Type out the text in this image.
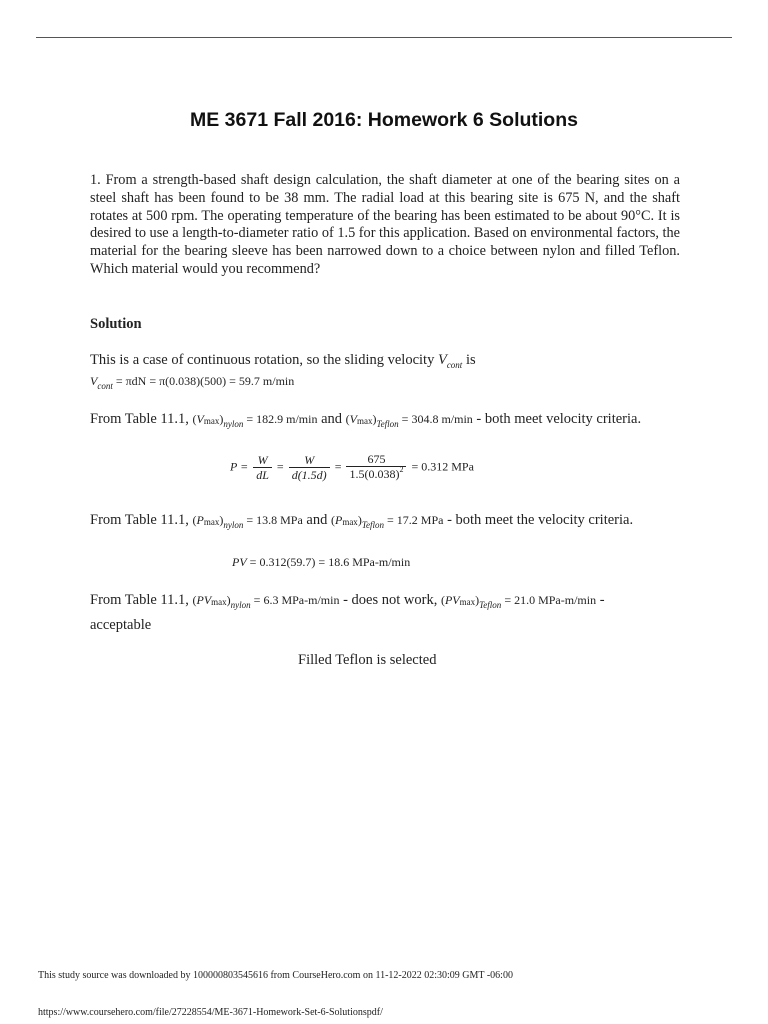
ME 3671 Fall 2016: Homework 6 Solutions

1. From a strength-based shaft design calculation, the shaft diameter at one of the bearing sites on a steel shaft has been found to be 38 mm. The radial load at this bearing site is 675 N, and the shaft rotates at 500 rpm. The operating temperature of the bearing has been estimated to be about 90°C. It is desired to use a length-to-diameter ratio of 1.5 for this application. Based on environmental factors, the material for the bearing sleeve has been narrowed down to a choice between nylon and filled Teflon. Which material would you recommend?

Solution

This is a case of continuous rotation, so the sliding velocity $V_{cont}$ is
$V_{cont} = \pi dN = \pi(0.038)(500) = 59.7$ m/min
From Table 11.1, $(Vmax)_{nylon} = 182.9$ m/min and $(Vmax)_{Teflon} = 304.8$ m/min - both meet velocity criteria.
$P = \frac{W}{dL} = \frac{W}{d(1.5d)} = \frac{675}{1.5(0.038)^2} = 0.312$ MPa
From Table 11.1, $(Pmax)_{nylon} = 13.8$ MPa and $(Pmax)_{Teflon} = 17.2$ MPa - both meet the velocity criteria.
PV = 0.312(59.7) = 18.6 MPa-m/min
From Table 11.1, $(PVmax)_{nylon} = 6.3$ MPa-m/min - does not work, $(PVmax)_{Teflon} = 21.0$ MPa-m/min -
acceptable
Filled Teflon is selected
This study source was downloaded by 100000803545616 from CourseHero.com on 11-12-2022 02:30:09 GMT -06:00
https://www.coursehero.com/file/27228554/ME-3671-Homework-Set-6-Solutionspdf/
